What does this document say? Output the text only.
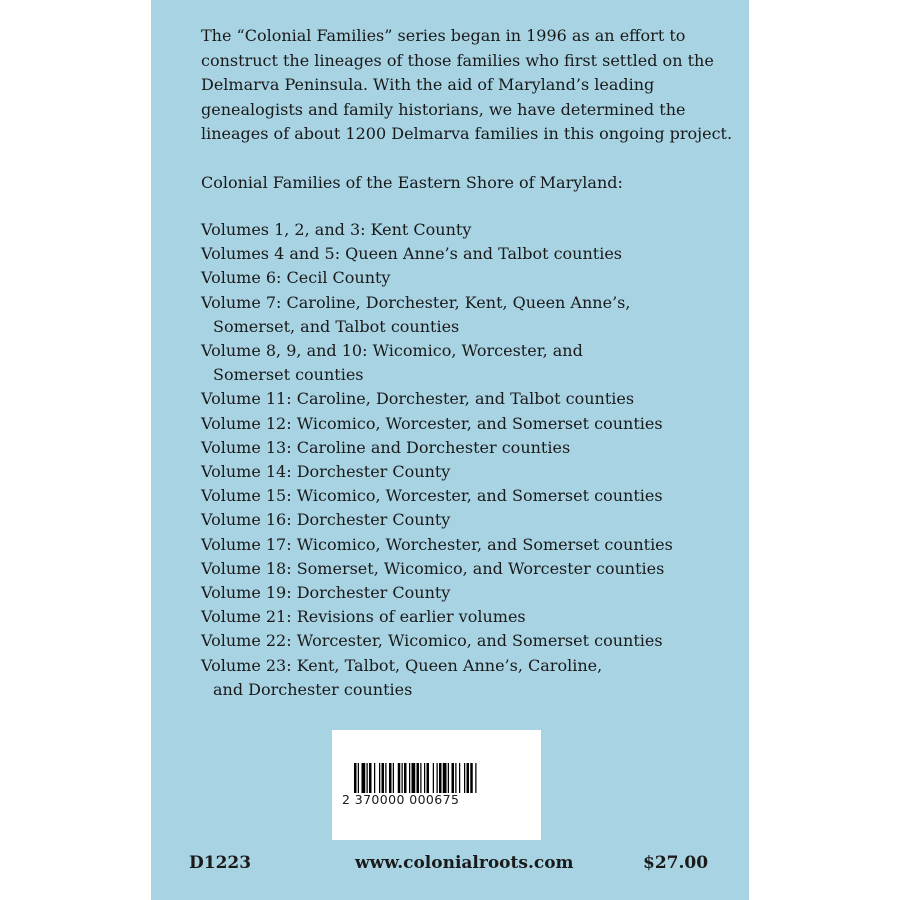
The “Colonial Families” series began in 1996 as an effort to
construct the lineages of those families who first settled on the
Delmarva Peninsula. With the aid of Maryland’s leading
genealogists and family historians, we have determined the
lineages of about 1200 Delmarva families in this ongoing project.

Colonial Families of the Eastern Shore of Maryland:

Volumes 1, 2, and 3: Kent County
Volumes 4 and 5: Queen Anne’s and Talbot counties
Volume 6: Cecil County
Volume 7: Caroline, Dorchester, Kent, Queen Anne’s,
Somerset, and Talbot counties
Volume 8, 9, and 10: Wicomico, Worcester, and
Somerset counties
Volume 11: Caroline, Dorchester, and Talbot counties
Volume 12: Wicomico, Worcester, and Somerset counties
Volume 13: Caroline and Dorchester counties
Volume 14: Dorchester County
Volume 15: Wicomico, Worcester, and Somerset counties
Volume 16: Dorchester County
Volume 17: Wicomico, Worchester, and Somerset counties
Volume 18: Somerset, Wicomico, and Worcester counties
Volume 19: Dorchester County
Volume 21: Revisions of earlier volumes
Volume 22: Worcester, Wicomico, and Somerset counties
Volume 23: Kent, Talbot, Queen Anne’s, Caroline,
and Dorchester counties
2 370000 000675
D1223	www.colonialroots.com	$27.00
